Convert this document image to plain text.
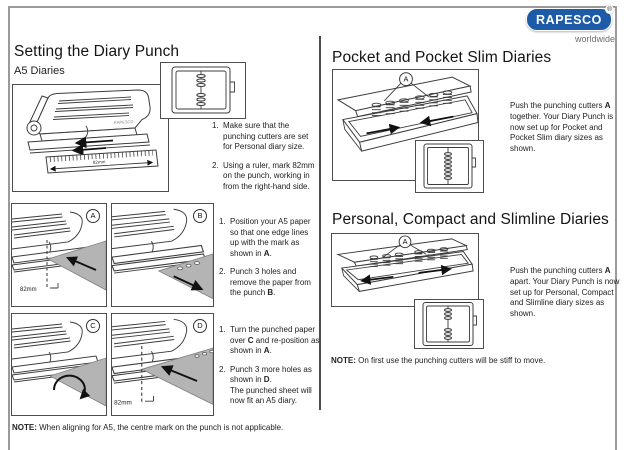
RAPESCO
®
worldwide
Setting the Diary Punch
A5 Diaries
RAPESCO
82mm
1. Make sure that the punching cutters are set for Personal diary size.
2. Using a ruler, mark 82mm on the punch, working in from the right-hand side.
A
82mm
B
1. Position your A5 paper so that one edge lines up with the mark as shown in A.
2. Punch 3 holes and remove the paper from the punch B.
C	D
82mm
1. Turn the punched paper over C and re-position as shown in A.
2. Punch 3 more holes as shown in D.
The punched sheet will now fit an A5 diary.
NOTE: When aligning for A5, the centre mark on the punch is not applicable.
Pocket and Pocket Slim Diaries
A
Push the punching cutters A together. Your Diary Punch is now set up for Pocket and Pocket Slim diary sizes as shown.
Personal, Compact and Slimline Diaries
A
Push the punching cutters A apart. Your Diary Punch is now set up for Personal, Compact and Slimline diary sizes as shown.
NOTE: On first use the punching cutters will be stiff to move.
